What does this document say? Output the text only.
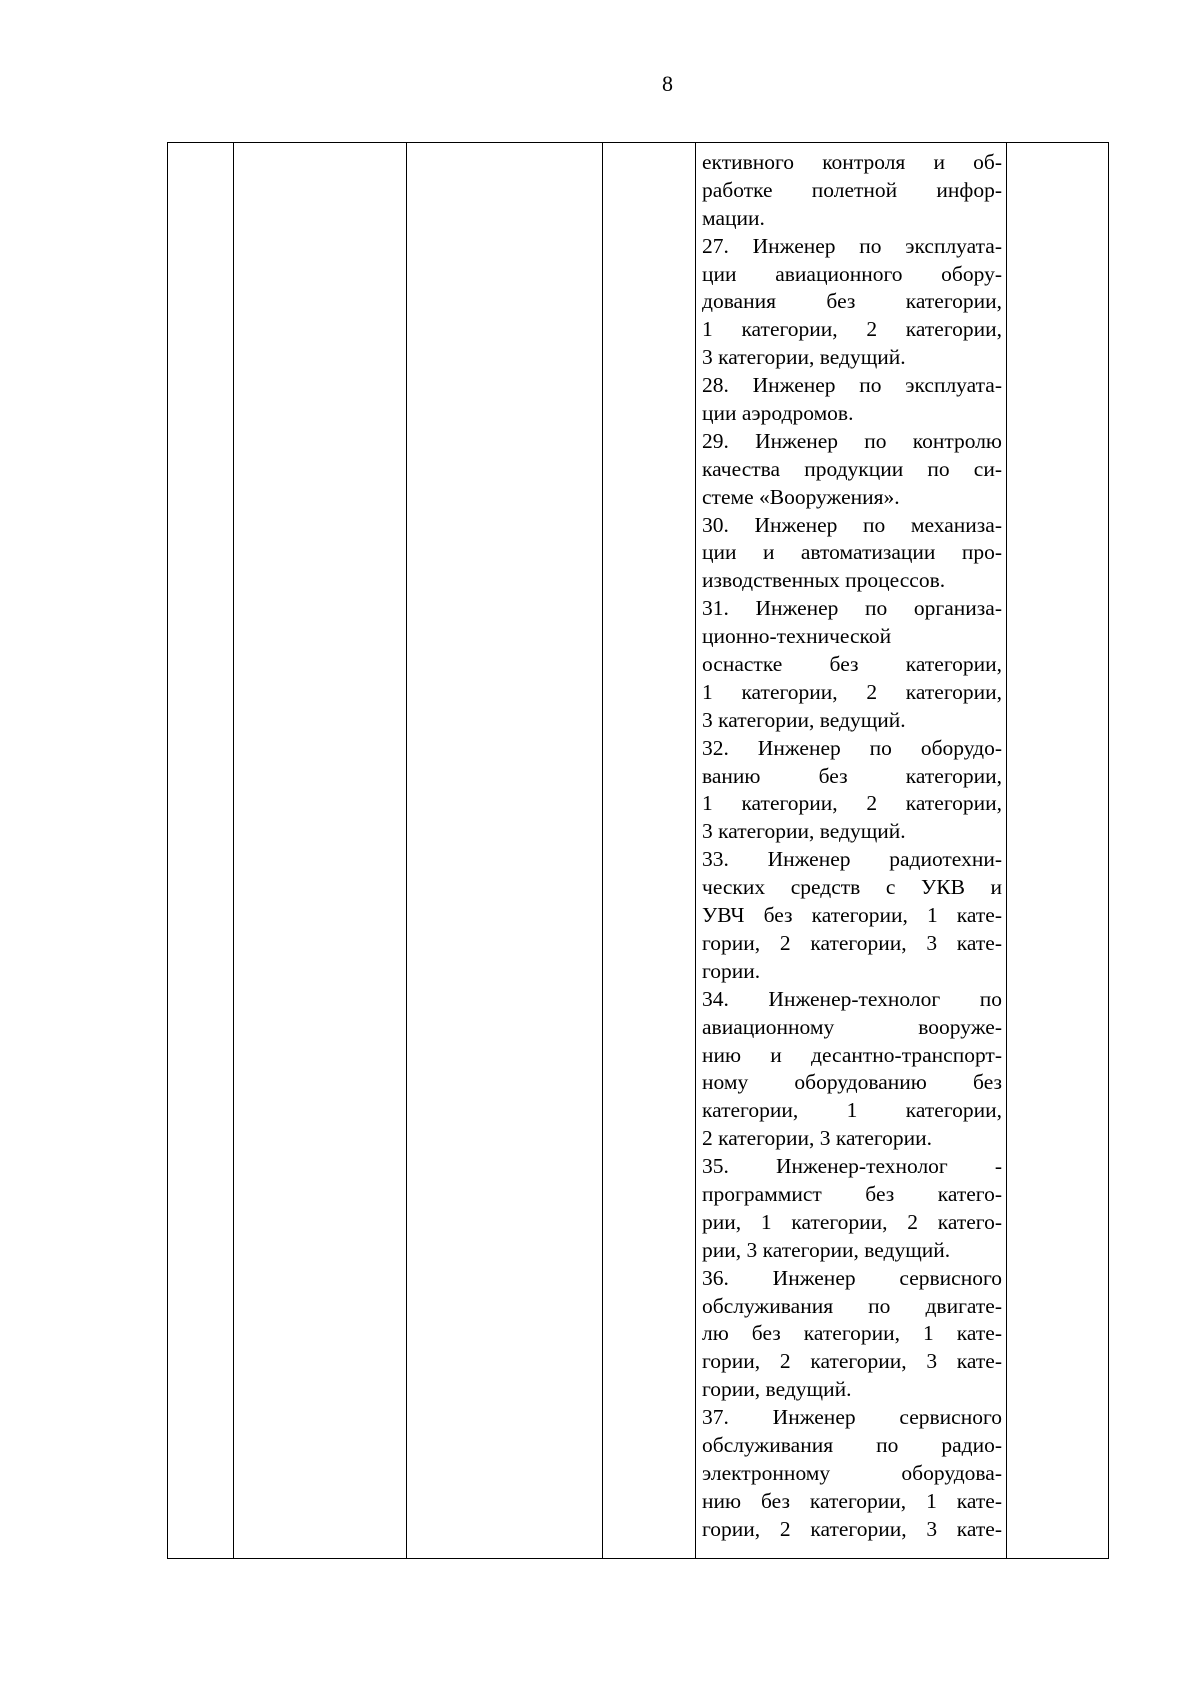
8

ективного контроля и об-
работке полетной инфор-
мации.
27. Инженер по эксплуата-
ции авиационного обору-
дования без категории,
1 категории, 2 категории,
3 категории, ведущий.
28. Инженер по эксплуата-
ции аэродромов.
29. Инженер по контролю
качества продукции по си-
стеме «Вооружения».
30. Инженер по механиза-
ции и автоматизации про-
изводственных процессов.
31. Инженер по организа-
ционно-технической
оснастке без категории,
1 категории, 2 категории,
3 категории, ведущий.
32. Инженер по оборудо-
ванию без категории,
1 категории, 2 категории,
3 категории, ведущий.
33. Инженер радиотехни-
ческих средств с УКВ и
УВЧ без категории, 1 кате-
гории, 2 категории, 3 кате-
гории.
34. Инженер-технолог по
авиационному вооруже-
нию и десантно-транспорт-
ному оборудованию без
категории, 1 категории,
2 категории, 3 категории.
35. Инженер-технолог -
программист без катего-
рии, 1 категории, 2 катего-
рии, 3 категории, ведущий.
36. Инженер сервисного
обслуживания по двигате-
лю без категории, 1 кате-
гории, 2 категории, 3 кате-
гории, ведущий.
37. Инженер сервисного
обслуживания по радио-
электронному оборудова-
нию без категории, 1 кате-
гории, 2 категории, 3 кате-
